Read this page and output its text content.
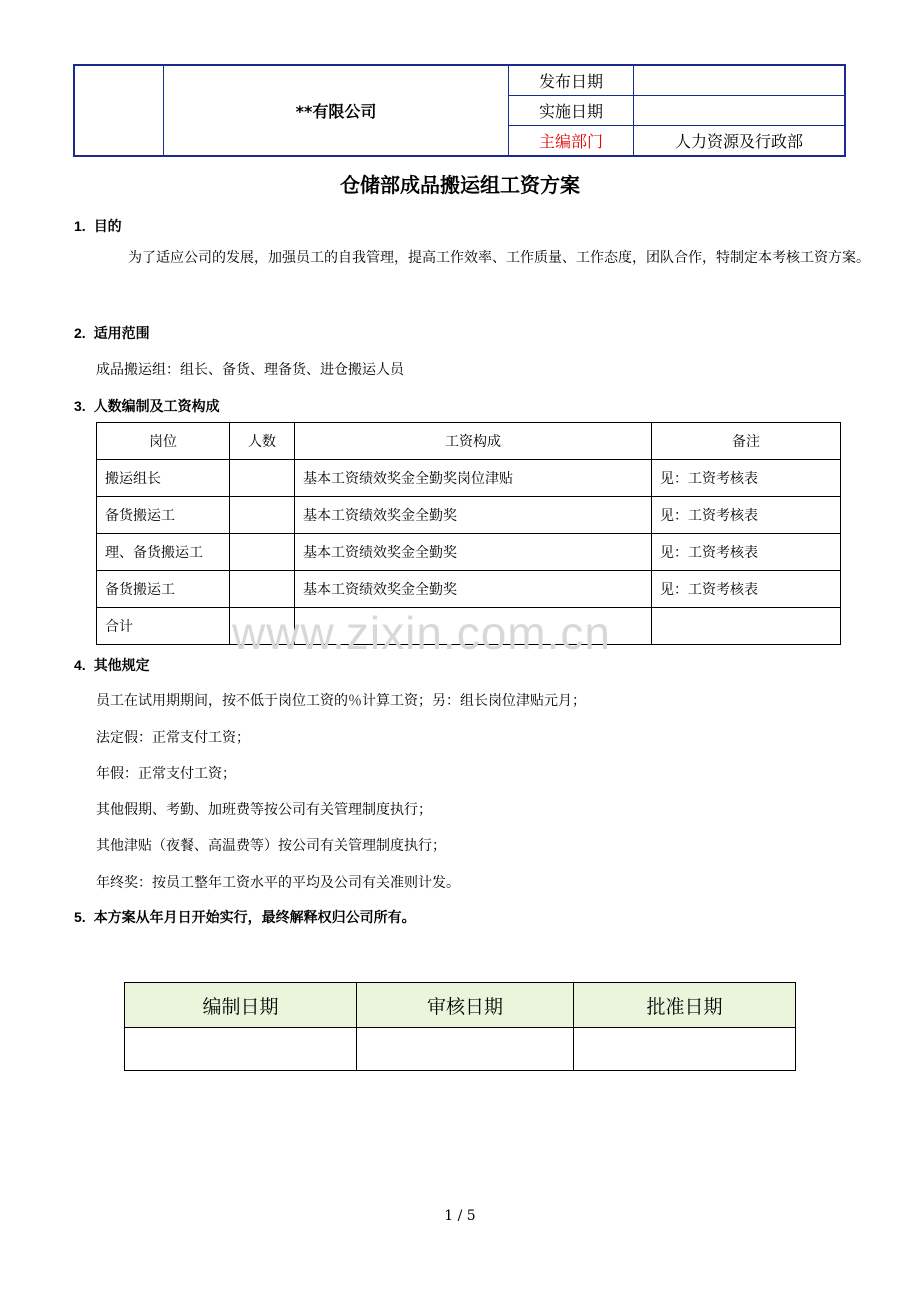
	**有限公司	发布日期	
		实施日期	
		主编部门	人力资源及行政部
仓储部成品搬运组工资方案
1. 目的
为了适应公司的发展，加强员工的自我管理，提高工作效率、工作质量、工作态度，团队合作，特制定本考核工资方案。
2. 适用范围
成品搬运组：组长、备货、理备货、进仓搬运人员
3. 人数编制及工资构成
岗位	人数	工资构成	备注
搬运组长		基本工资绩效奖金全勤奖岗位津贴	见：工资考核表
备货搬运工		基本工资绩效奖金全勤奖	见：工资考核表
理、备货搬运工		基本工资绩效奖金全勤奖	见：工资考核表
备货搬运工		基本工资绩效奖金全勤奖	见：工资考核表
合计			www.zixin.com.cn
4. 其他规定
员工在试用期期间，按不低于岗位工资的％计算工资；另：组长岗位津贴元月；
法定假：正常支付工资；
年假：正常支付工资；
其他假期、考勤、加班费等按公司有关管理制度执行；
其他津贴（夜餐、高温费等）按公司有关管理制度执行；
年终奖：按员工整年工资水平的平均及公司有关准则计发。
5. 本方案从年月日开始实行，最终解释权归公司所有。
编制日期	审核日期	批准日期

1 / 5
